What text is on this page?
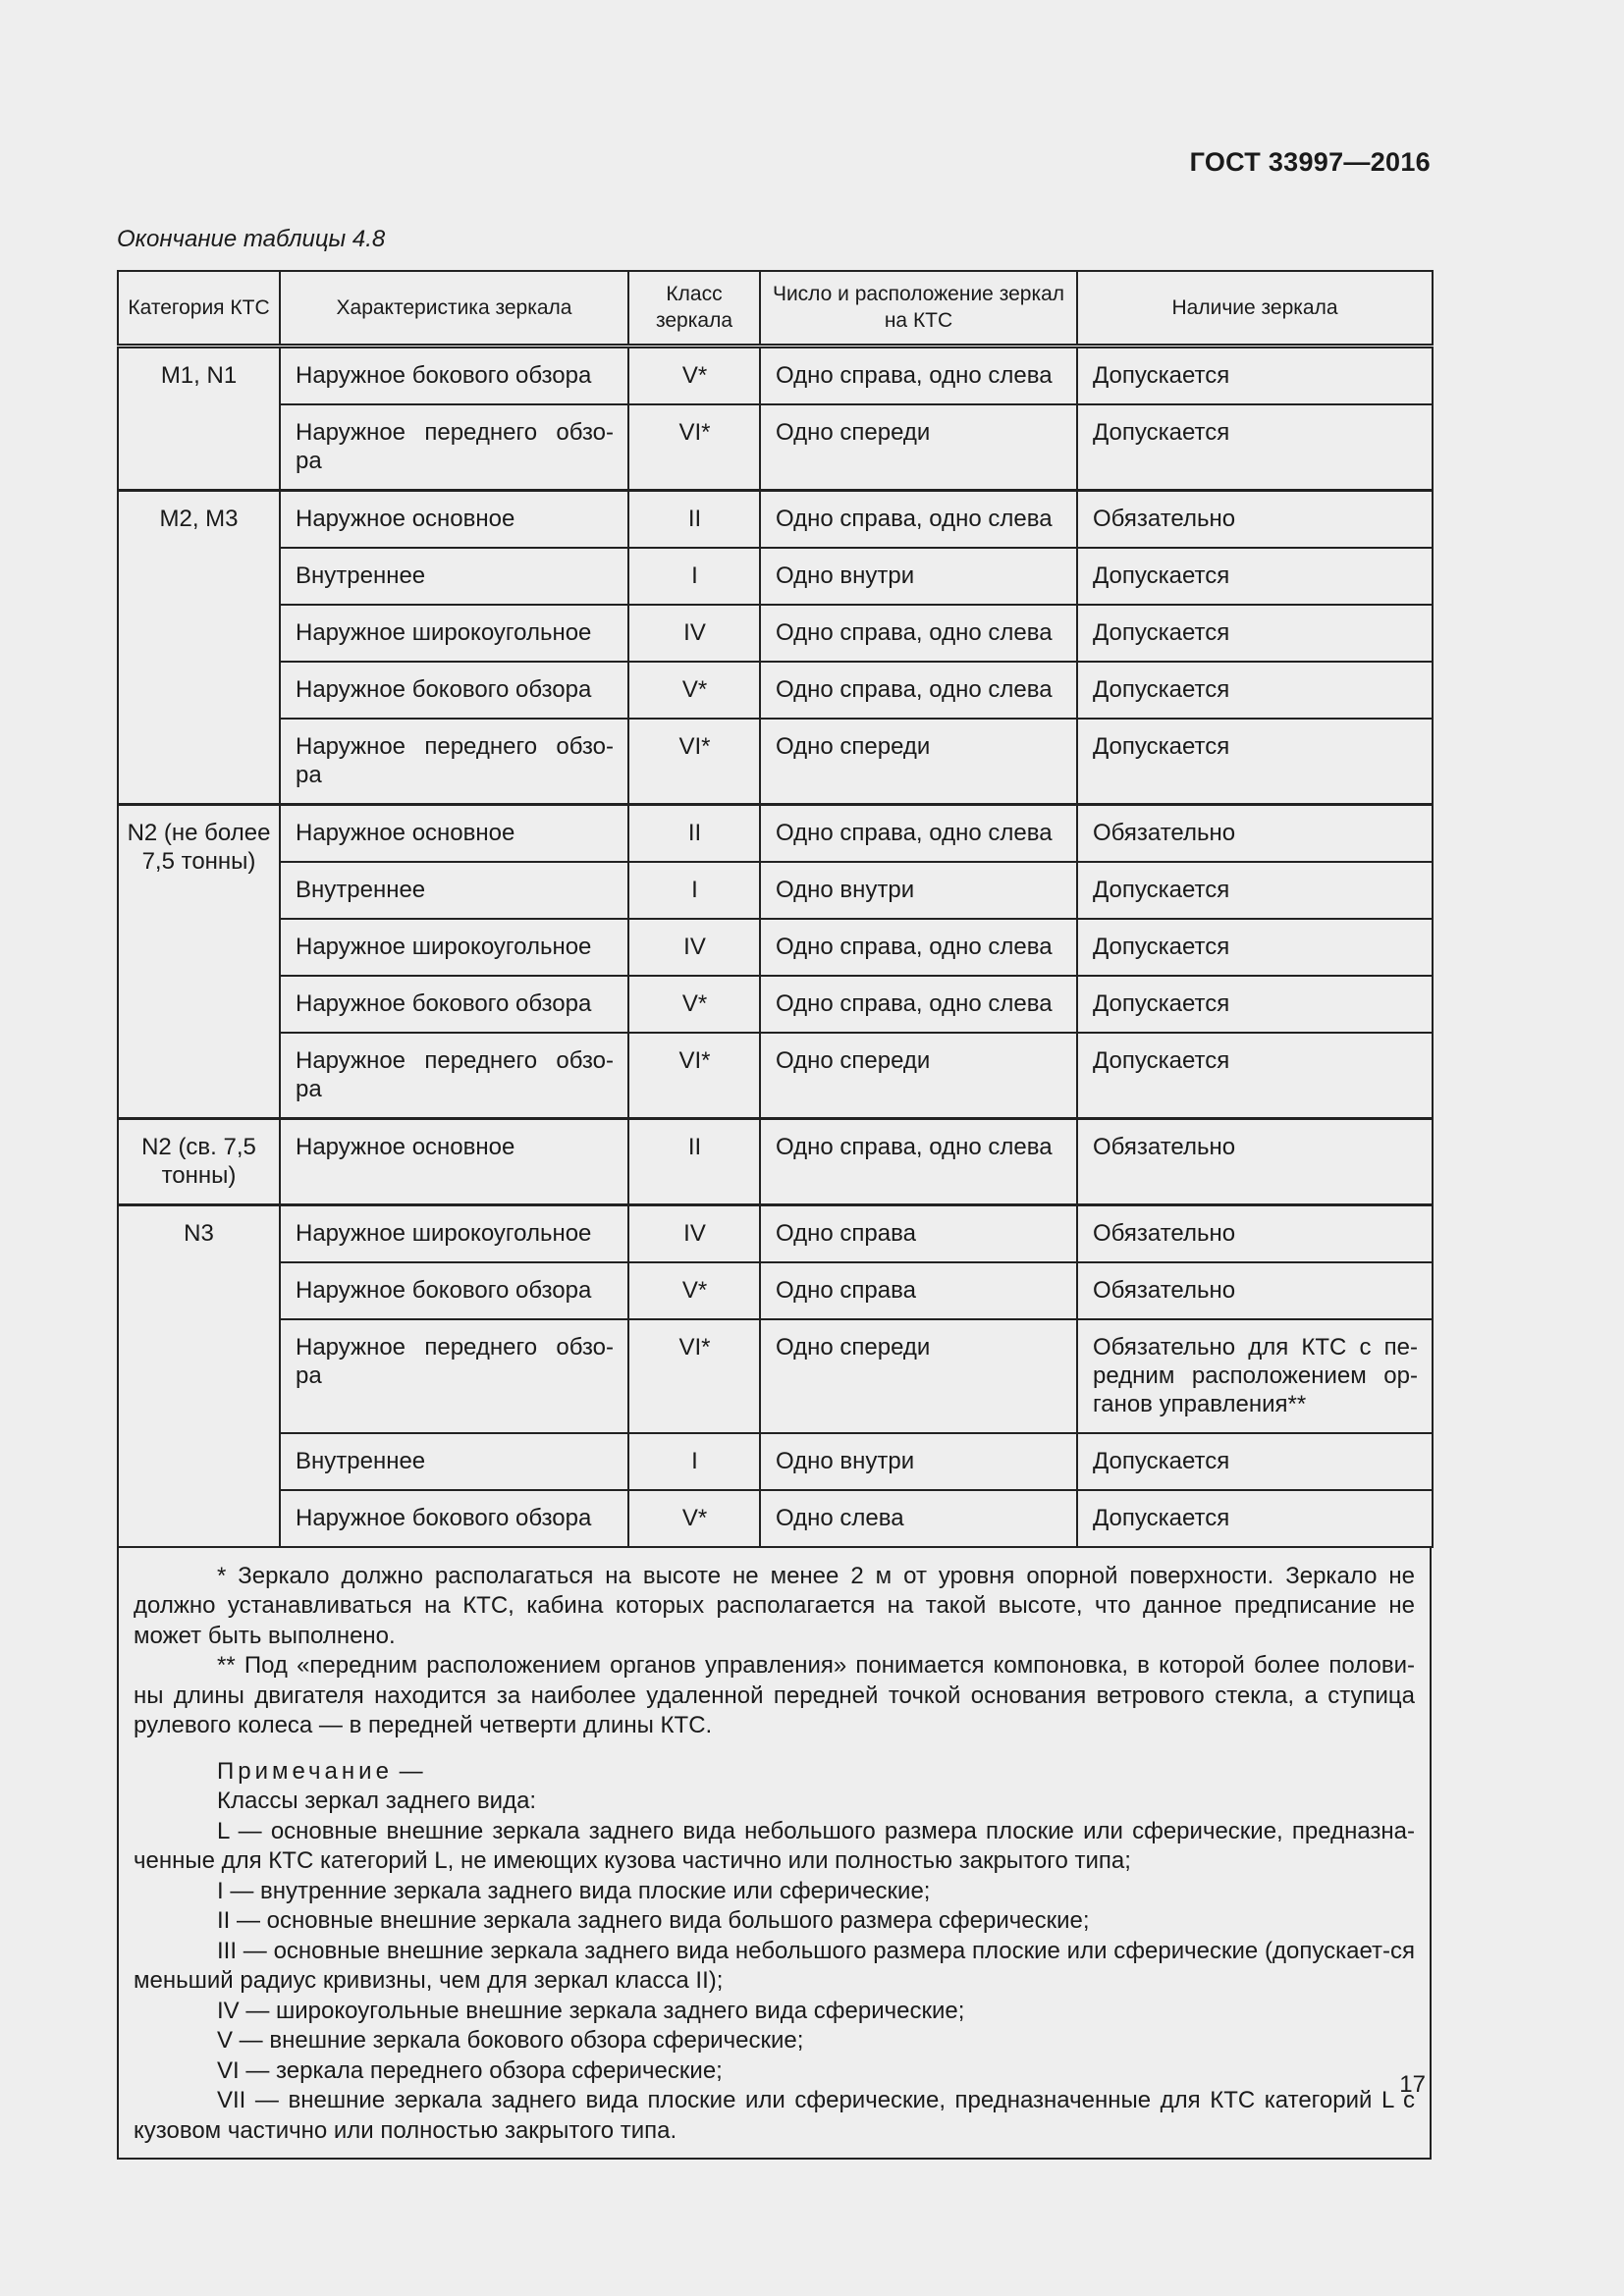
ГОСТ 33997—2016
Окончание таблицы 4.8
Категория КТС	Характеристика зеркала	Класс зеркала	Число и расположение зеркал на КТС	Наличие зеркала
M1, N1	Наружное бокового обзора	V*	Одно справа, одно слева	Допускается
	Наружное переднего обзо-ра	VI*	Одно спереди	Допускается
M2, M3	Наружное основное	II	Одно справа, одно слева	Обязательно
	Внутреннее	I	Одно внутри	Допускается
	Наружное широкоугольное	IV	Одно справа, одно слева	Допускается
	Наружное бокового обзора	V*	Одно справа, одно слева	Допускается
	Наружное переднего обзо-ра	VI*	Одно спереди	Допускается
N2 (не более 7,5 тонны)	Наружное основное	II	Одно справа, одно слева	Обязательно
	Внутреннее	I	Одно внутри	Допускается
	Наружное широкоугольное	IV	Одно справа, одно слева	Допускается
	Наружное бокового обзора	V*	Одно справа, одно слева	Допускается
	Наружное переднего обзо-ра	VI*	Одно спереди	Допускается
N2 (св. 7,5 тонны)	Наружное основное	II	Одно справа, одно слева	Обязательно
N3	Наружное широкоугольное	IV	Одно справа	Обязательно
	Наружное бокового обзора	V*	Одно справа	Обязательно
	Наружное переднего обзо-ра	VI*	Одно спереди	Обязательно для КТС с пе-редним расположением ор-ганов управления**
	Внутреннее	I	Одно внутри	Допускается
	Наружное бокового обзора	V*	Одно слева	Допускается

* Зеркало должно располагаться на высоте не менее 2 м от уровня опорной поверхности. Зеркало не должно устанавливаться на КТС, кабина которых располагается на такой высоте, что данное предписание не может быть выполнено.

** Под «передним расположением органов управления» понимается компоновка, в которой более полови-ны длины двигателя находится за наиболее удаленной передней точкой основания ветрового стекла, а ступица рулевого колеса — в передней четверти длины КТС.

Примечание —

Классы зеркал заднего вида:

L — основные внешние зеркала заднего вида небольшого размера плоские или сферические, предназна-ченные для КТС категорий L, не имеющих кузова частично или полностью закрытого типа;

I — внутренние зеркала заднего вида плоские или сферические;

II — основные внешние зеркала заднего вида большого размера сферические;

III — основные внешние зеркала заднего вида небольшого размера плоские или сферические (допускает-ся меньший радиус кривизны, чем для зеркал класса II);

IV — широкоугольные внешние зеркала заднего вида сферические;

V — внешние зеркала бокового обзора сферические;

VI — зеркала переднего обзора сферические;

VII — внешние зеркала заднего вида плоские или сферические, предназначенные для КТС категорий L с кузовом частично или полностью закрытого типа.

17
